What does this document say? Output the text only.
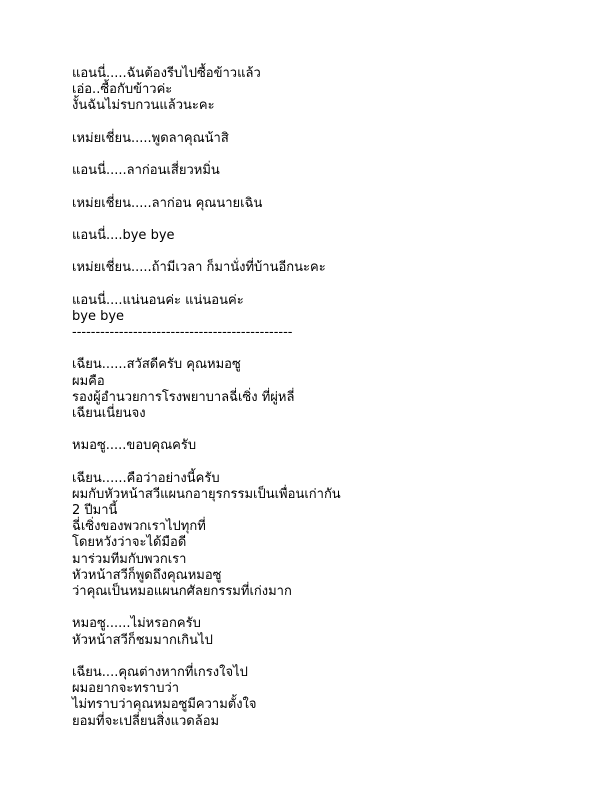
แอนนี่.....ฉันต้องรีบไปซื้อข้าวแล้ว
เอ่อ..ซื้อกับข้าวค่ะ
งั้นฉันไม่รบกวนแล้วนะคะ
เหม่ยเชี่ยน.....พูดลาคุณน้าสิ
แอนนี่.....ลาก่อนเสี่ยวหมิ่น
เหม่ยเชี่ยน.....ลาก่อน คุณนายเฉิน
แอนนี่....bye bye
เหม่ยเชี่ยน.....ถ้ามีเวลา ก็มานั่งที่บ้านอีกนะคะ
แอนนี่....แน่นอนค่ะ แน่นอนค่ะ
bye bye
-----------------------------------------------
เฉียน......สวัสดีครับ คุณหมอซู
ผมคือ
รองผู้อำนวยการโรงพยาบาลฉี่เซิ่ง ที่ผู่หลี่
เฉียนเนี่ยนจง
หมอซู.....ขอบคุณครับ
เฉียน......คือว่าอย่างนี้ครับ
ผมกับหัวหน้าสวีแผนกอายุรกรรมเป็นเพื่อนเก่ากัน
2 ปีมานี้
ฉี่เซิ่งของพวกเราไปทุกที่
โดยหวังว่าจะได้มือดี
มาร่วมทีมกับพวกเรา
หัวหน้าสวีก็พูดถึงคุณหมอซู
ว่าคุณเป็นหมอแผนกศัลยกรรมที่เก่งมาก
หมอซู......ไม่หรอกครับ
หัวหน้าสวีก็ชมมากเกินไป
เฉียน....คุณต่างหากที่เกรงใจไป
ผมอยากจะทราบว่า
ไม่ทราบว่าคุณหมอซูมีความตั้งใจ
ยอมที่จะเปลี่ยนสิ่งแวดล้อม
